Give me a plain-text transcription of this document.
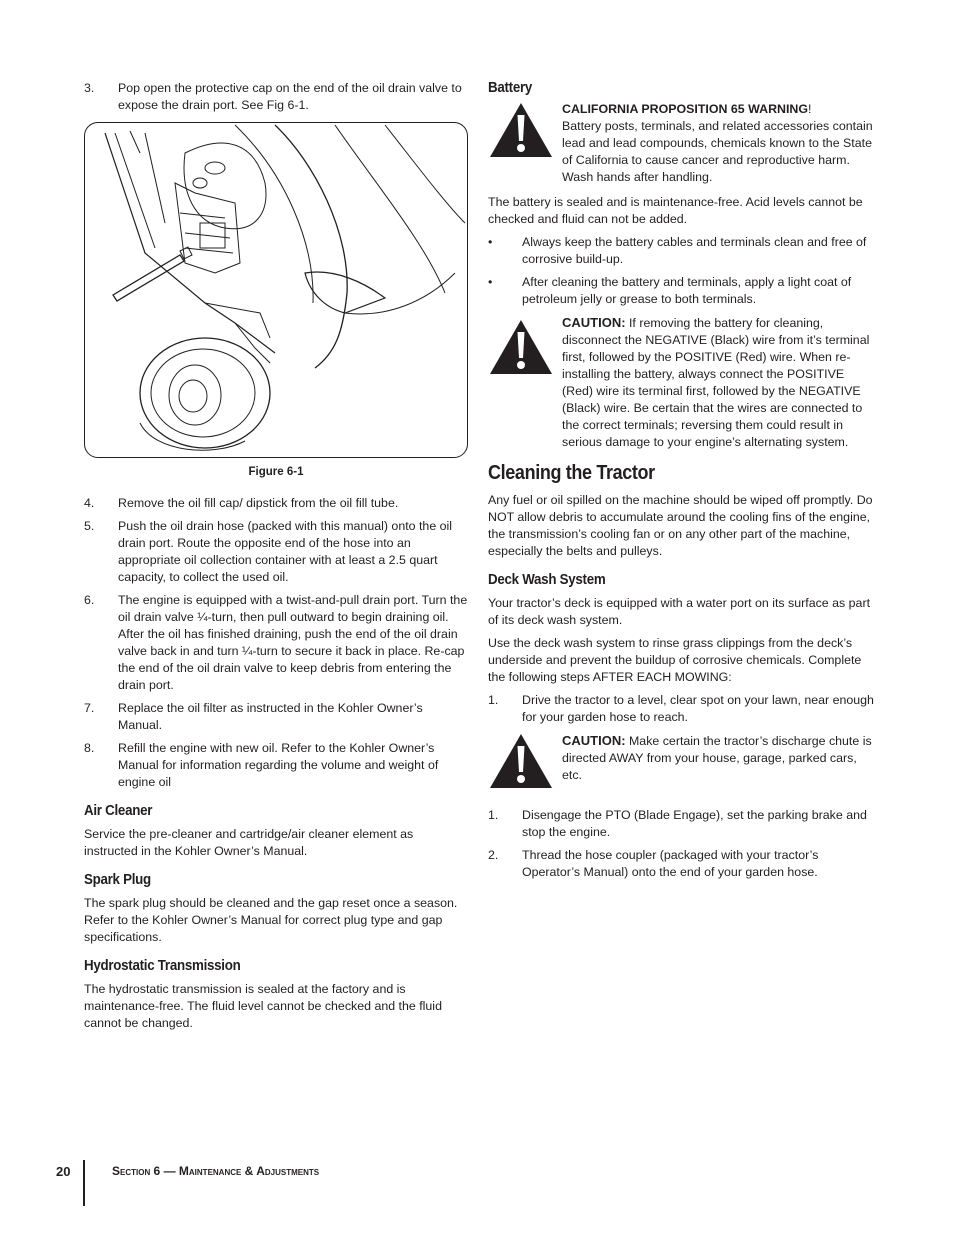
3.	Pop open the protective cap on the end of the oil drain valve to expose the drain port. See Fig 6-1.
Figure 6-1
4.	Remove the oil fill cap/ dipstick from the oil fill tube.
5.	Push the oil drain hose (packed with this manual) onto the oil drain port. Route the opposite end of the hose into an appropriate oil collection container with at least a 2.5 quart capacity, to collect the used oil.
6.	The engine is equipped with a twist-and-pull drain port. Turn the oil drain valve ¼-turn, then pull outward to begin draining oil. After the oil has finished draining, push the end of the oil drain valve back in and turn ¼-turn to secure it back in place. Re-cap the end of the oil drain valve to keep debris from entering the drain port.
7.	Replace the oil filter as instructed in the Kohler Owner’s Manual.
8.	Refill the engine with new oil. Refer to the Kohler Owner’s Manual for information regarding the volume and weight of engine oil
Air Cleaner

Service the pre-cleaner and cartridge/air cleaner element as instructed in the Kohler Owner’s Manual.

Spark Plug

The spark plug should be cleaned and the gap reset once a season. Refer to the Kohler Owner’s Manual for correct plug type and gap specifications.

Hydrostatic Transmission

The hydrostatic transmission is sealed at the factory and is maintenance-free. The fluid level cannot be checked and the fluid cannot be changed.

Battery
CALIFORNIA PROPOSITION 65 WARNING!
Battery posts, terminals, and related accessories contain lead and lead compounds, chemicals known to the State of California to cause cancer and reproductive harm. Wash hands after handling.

The battery is sealed and is maintenance-free. Acid levels cannot be checked and fluid can not be added.

•	Always keep the battery cables and terminals clean and free of corrosive build-up.
•	After cleaning the battery and terminals, apply a light coat of petroleum jelly or grease to both terminals.
CAUTION: If removing the battery for cleaning, disconnect the NEGATIVE (Black) wire from it’s terminal first, followed by the POSITIVE (Red) wire. When re-installing the battery, always connect the POSITIVE (Red) wire its terminal first, followed by the NEGATIVE (Black) wire. Be certain that the wires are connected to the correct terminals; reversing them could result in serious damage to your engine’s alternating system.
Cleaning the Tractor

Any fuel or oil spilled on the machine should be wiped off promptly. Do NOT allow debris to accumulate around the cooling fins of the engine, the transmission’s cooling fan or on any other part of the machine, especially the belts and pulleys.

Deck Wash System

Your tractor’s deck is equipped with a water port on its surface as part of its deck wash system.

Use the deck wash system to rinse grass clippings from the deck’s underside and prevent the buildup of corrosive chemicals. Complete the following steps AFTER EACH MOWING:

1.	Drive the tractor to a level, clear spot on your lawn, near enough for your garden hose to reach.
CAUTION: Make certain the tractor’s discharge chute is directed AWAY from your house, garage, parked cars, etc.
1.	Disengage the PTO (Blade Engage), set the parking brake and stop the engine.
2.	Thread the hose coupler (packaged with your tractor’s Operator’s Manual) onto the end of your garden hose.
20	Section 6 — Maintenance & Adjustments
